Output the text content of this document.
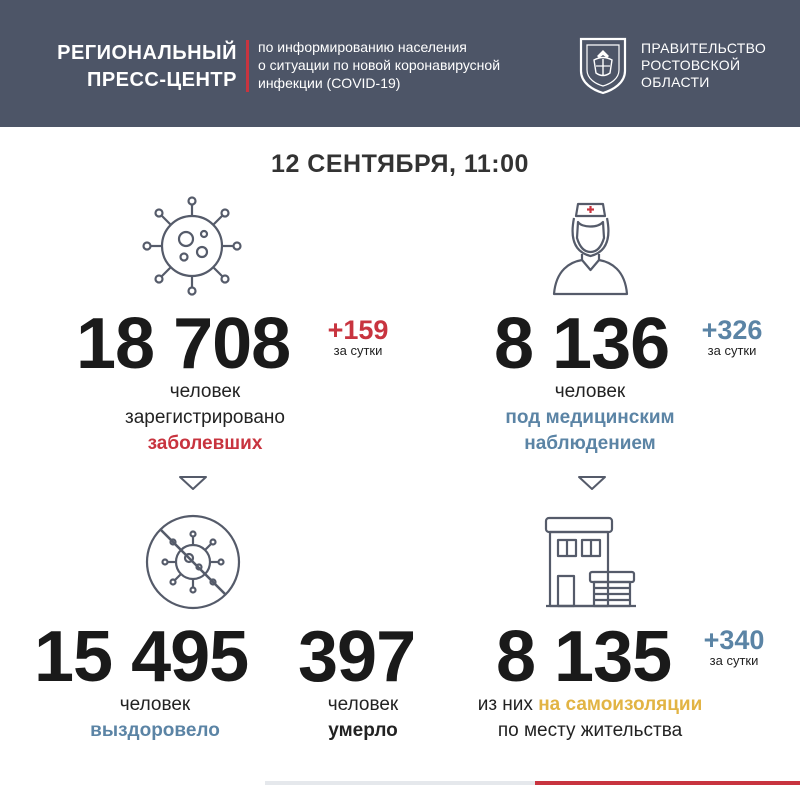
РЕГИОНАЛЬНЫЙ
ПРЕСС-ЦЕНТР
по информированию населения
о ситуации по новой коронавирусной
инфекции (COVID-19)
ПРАВИТЕЛЬСТВО
РОСТОВСКОЙ
ОБЛАСТИ
12 СЕНТЯБРЯ, 11:00
18 708	+159
за сутки
человек
зарегистрировано
заболевших
8 136	+326
за сутки
человек
под медицинским
наблюдением
15 495
человек
выздоровело
397
человек
умерло
8 135	+340
за сутки
из них на самоизоляции
по месту жительства
